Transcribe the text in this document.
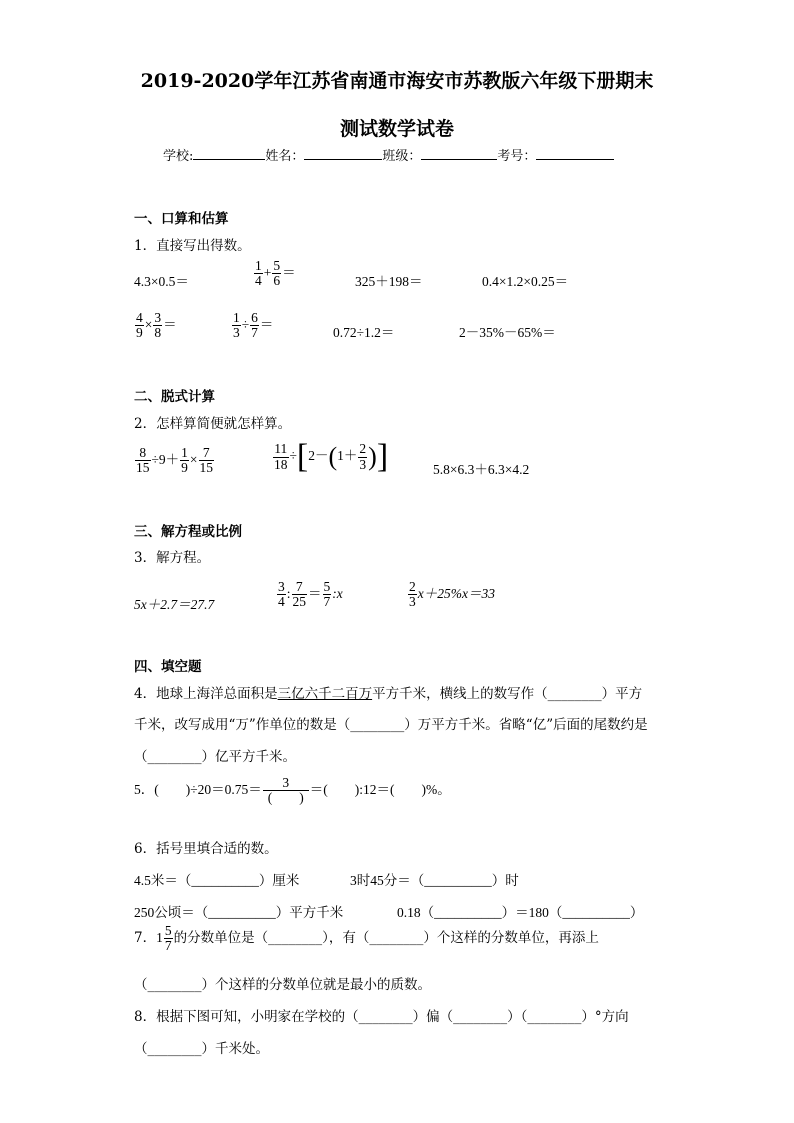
2019-2020学年江苏省南通市海安市苏教版六年级下册期末
测试数学试卷
学校:	姓名：	班级：	考号：
一、口算和估算
1．直接写出得数。
4.3×0.5＝	$\frac{1}{4} + \frac{5}{6}$ ＝
325＋198＝	0.4×1.2×0.25＝
$\frac{4}{9} \times \frac{3}{8}$ ＝	$\frac{1}{3} \div \frac{6}{7}$ ＝
0.72÷1.2＝	2－35%－65%＝
二、脱式计算
2．怎样算简便就怎样算。
$\frac{8}{15} \div 9+ \frac{1}{9} \times \frac{7}{15}$	$\frac{11}{18} \div[2-(1+ \frac{2}{3}$ )]	5.8×6.3＋6.3×4.2
三、解方程或比例
3．解方程。
5x＋2.7＝27.7	$\frac{3}{4}$ : $\frac{7}{25} = \frac{5}{7}$ :x	$\frac{2}{3} x+25\%x=33$
四、填空题
4．地球上海洋总面积是三亿六千二百万平方千米，横线上的数写作（________）平方
千米，改写成用“万”作单位的数是（________）万平方千米。省略“亿”后面的尾数约是
（________）亿平方千米。
5．(　　)$\div 20=0.75= \frac{3}{( )}$ ＝(　　):12＝(　　)%。
6．括号里填合适的数。
4.5米＝（__________）厘米	3时45分＝（__________）时
250公顷＝（__________）平方千米	0.18（__________）＝180（__________）
7．$1 \frac{5}{7}$ 的分数单位是（________），有（________）个这样的分数单位，再添上
（________）个这样的分数单位就是最小的质数。
8．根据下图可知，小明家在学校的（________）偏（________）（________）°方向
（________）千米处。
